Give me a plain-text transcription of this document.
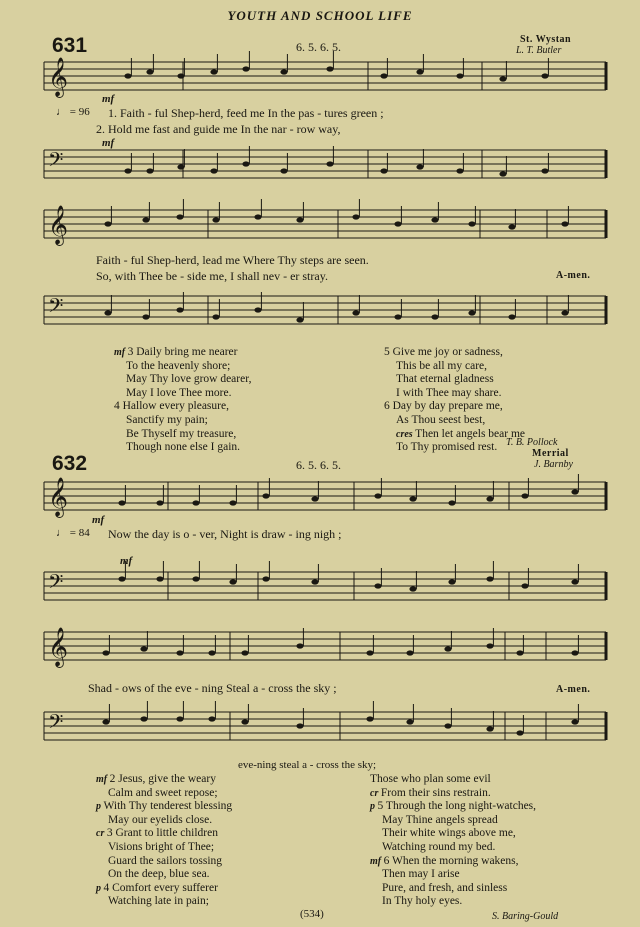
YOUTH AND SCHOOL LIFE
631	6. 5. 6. 5.
St. Wystan
L. T. Butler
𝄞
𝄢
𝄞
𝄢
𝄞
𝄢
𝄞
𝄢
mf
♩ = 96 1. Faith - ful Shep-herd, feed me In the pas - tures green ;
2. Hold me fast and guide me In the nar - row way,
mf
Faith - ful Shep-herd, lead me Where Thy steps are seen.
So, with Thee be - side me, I shall nev - er stray.	A-men.
mf 3 Daily bring me nearer
To the heavenly shore;
May Thy love grow dearer,
May I love Thee more.
4 Hallow every pleasure,
Sanctify my pain;
Be Thyself my treasure,
Though none else I gain.
5 Give me joy or sadness,
This be all my care,
That eternal gladness
I with Thee may share.
6 Day by day prepare me,
As Thou seest best,
cres Then let angels bear me
To Thy promised rest. T. B. Pollock
632	6. 5. 6. 5.
Merrial
J. Barnby
mf
♩ = 84 Now the day is o - ver, Night is draw - ing nigh ;
mf
Shad - ows of the eve - ning Steal a - cross the sky ;	A-men.
eve-ning steal a - cross the sky;
mf 2 Jesus, give the weary
Calm and sweet repose;
p With Thy tenderest blessing
May our eyelids close.
cr 3 Grant to little children
Visions bright of Thee;
Guard the sailors tossing
On the deep, blue sea.
p 4 Comfort every sufferer
Watching late in pain;
Those who plan some evil
cr From their sins restrain.
p 5 Through the long night-watches,
May Thine angels spread
Their white wings above me,
Watching round my bed.
mf 6 When the morning wakens,
Then may I arise
Pure, and fresh, and sinless
In Thy holy eyes.
S. Baring-Gould
(534)
